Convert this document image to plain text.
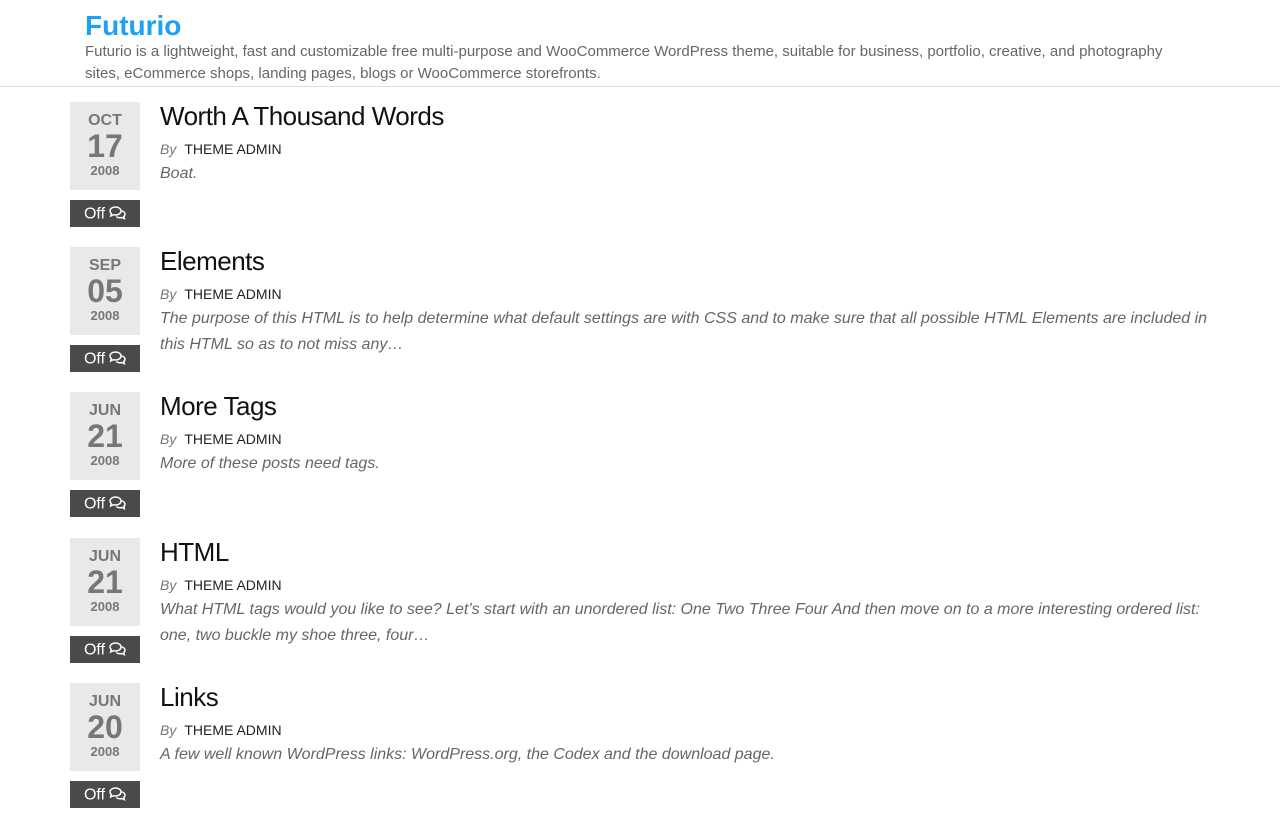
Futurio

Futurio is a lightweight, fast and customizable free multi-purpose and WooCommerce WordPress theme, suitable for business, portfolio, creative, and photography sites, eCommerce shops, landing pages, blogs or WooCommerce storefronts.

OCT
17
2008
Off
Worth A Thousand Words
By THEME ADMIN

Boat.

SEP
05
2008
Off
Elements
By THEME ADMIN

The purpose of this HTML is to help determine what default settings are with CSS and to make sure that all possible HTML Elements are included in this HTML so as to not miss any…

JUN
21
2008
Off
More Tags
By THEME ADMIN

More of these posts need tags.

JUN
21
2008
Off
HTML
By THEME ADMIN

What HTML tags would you like to see? Let’s start with an unordered list: One Two Three Four And then move on to a more interesting ordered list: one, two buckle my shoe three, four…

JUN
20
2008
Off
Links
By THEME ADMIN

A few well known WordPress links: WordPress.org, the Codex and the download page.
